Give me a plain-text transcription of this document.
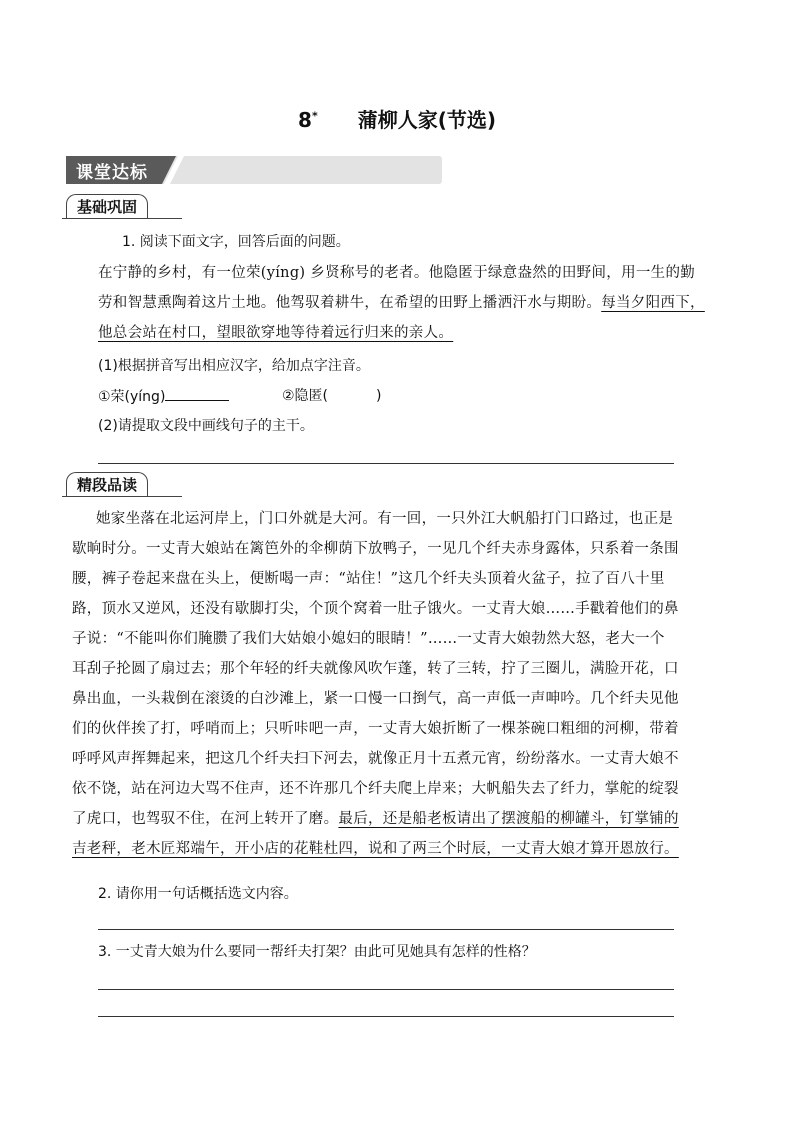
8* 蒲柳人家(节选)
课堂达标
基础巩固
1. 阅读下面文字，回答后面的问题。
在宁静的乡村，有一位荣(yíng) 乡贤称号的老者。他隐匿于绿意盎然的田野间，用一生的勤
劳和智慧熏陶着这片土地。他驾驭着耕牛，在希望的田野上播洒汗水与期盼。每当夕阳西下，
他总会站在村口，望眼欲穿地等待着远行归来的亲人。
(1)根据拼音写出相应汉字，给加点字注音。
①荣(yíng)	②隐匿(	)
(2)请提取文段中画线句子的主干。
精段品读
她家坐落在北运河岸上，门口外就是大河。有一回，一只外江大帆船打门口路过，也正是
歇晌时分。一丈青大娘站在篱笆外的伞柳荫下放鸭子，一见几个纤夫赤身露体，只系着一条围
腰，裤子卷起来盘在头上，便断喝一声：“站住！”这几个纤夫头顶着火盆子，拉了百八十里
路，顶水又逆风，还没有歇脚打尖，个顶个窝着一肚子饿火。一丈青大娘……手戳着他们的鼻
子说：“不能叫你们腌臜了我们大姑娘小媳妇的眼睛！”……一丈青大娘勃然大怒，老大一个
耳刮子抡圆了扇过去；那个年轻的纤夫就像风吹乍蓬，转了三转，拧了三圈儿，满脸开花，口
鼻出血，一头栽倒在滚烫的白沙滩上，紧一口慢一口捯气，高一声低一声呻吟。几个纤夫见他
们的伙伴挨了打，呼哨而上；只听咔吧一声，一丈青大娘折断了一棵茶碗口粗细的河柳，带着
呼呼风声挥舞起来，把这几个纤夫扫下河去，就像正月十五煮元宵，纷纷落水。一丈青大娘不
依不饶，站在河边大骂不住声，还不许那几个纤夫爬上岸来；大帆船失去了纤力，掌舵的绽裂
了虎口，也驾驭不住，在河上转开了磨。最后，还是船老板请出了摆渡船的柳罐斗，钉掌铺的
吉老秤，老木匠郑端午，开小店的花鞋杜四，说和了两三个时辰，一丈青大娘才算开恩放行。
2. 请你用一句话概括选文内容。
3. 一丈青大娘为什么要同一帮纤夫打架？由此可见她具有怎样的性格？
